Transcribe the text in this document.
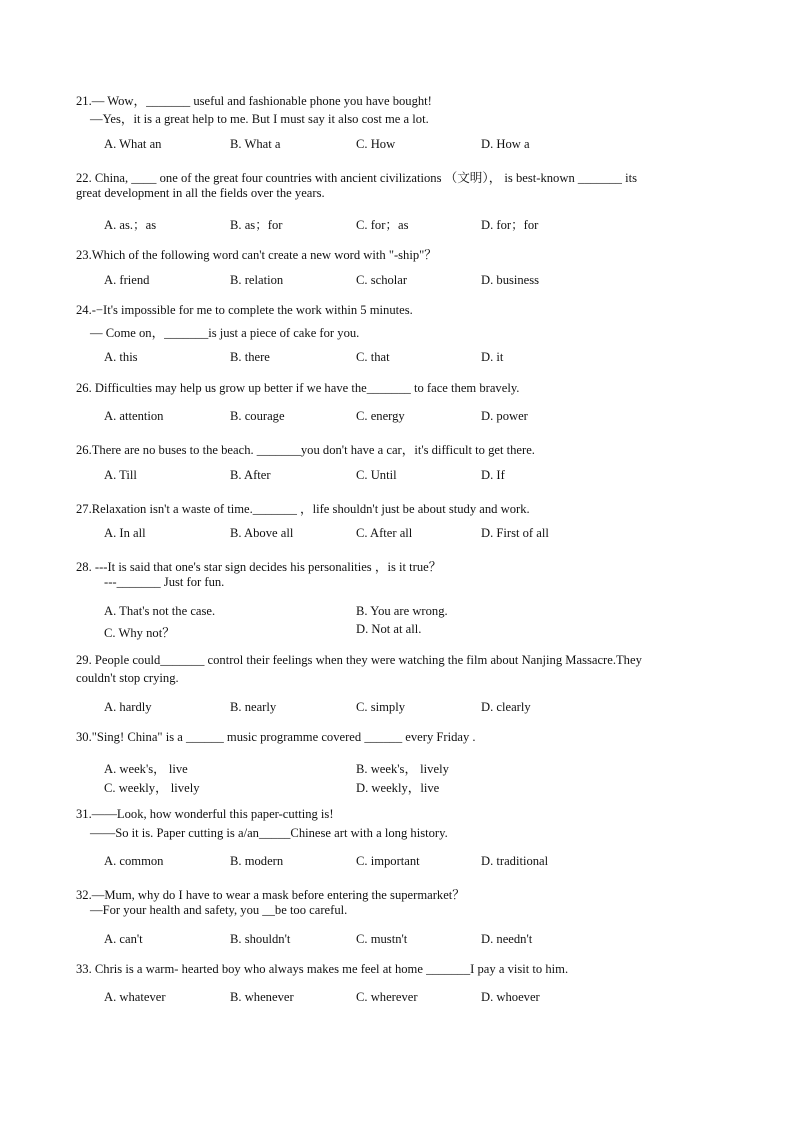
21.— Wow，_______ useful and fashionable phone you have bought!
—Yes，it is a great help to me. But I must say it also cost me a lot.
A. What an	B. What a	C. How	D. How a
22. China, ____ one of the great four countries with ancient civilizations （文明）， is best-known _______ its
great development in all the fields over the years.
A. as.；as	B. as；for	C. for；as	D. for；for
23.Which of the following word can't create a new word with "-ship"？
A. friend	B. relation	C. scholar	D. business
24.-−It's impossible for me to complete the work within 5 minutes.
— Come on，_______is just a piece of cake for you.
A. this	B. there	C. that	D. it
26. Difficulties may help us grow up better if we have the_______ to face them bravely.
A. attention	B. courage	C. energy	D. power
26.There are no buses to the beach. _______you don't have a car，it's difficult to get there.
A. Till	B. After	C. Until	D. If
27.Relaxation isn't a waste of time._______ ，life shouldn't just be about study and work.
A. In all	B. Above all	C. After all	D. First of all
28. ---It is said that one's star sign decides his personalities ，is it true？
---_______ Just for fun.
A. That's not the case.	B. You are wrong.
C. Why not？	D. Not at all.
29. People could_______ control their feelings when they were watching the film about Nanjing Massacre.They
couldn't stop crying.
A. hardly	B. nearly	C. simply	D. clearly
30."Sing! China" is a ______ music programme covered ______ every Friday .
A. week's， live	B. week's， lively
C. weekly， lively	D. weekly，live
31.——Look, how wonderful this paper-cutting is!
——So it is. Paper cutting is a/an_____Chinese art with a long history.
A. common	B. modern	C. important	D. traditional
32.—Mum, why do I have to wear a mask before entering the supermarket？
—For your health and safety, you __be too careful.
A. can't	B. shouldn't	C. mustn't	D. needn't
33. Chris is a warm- hearted boy who always makes me feel at home _______I pay a visit to him.
A. whatever	B. whenever	C. wherever	D. whoever
